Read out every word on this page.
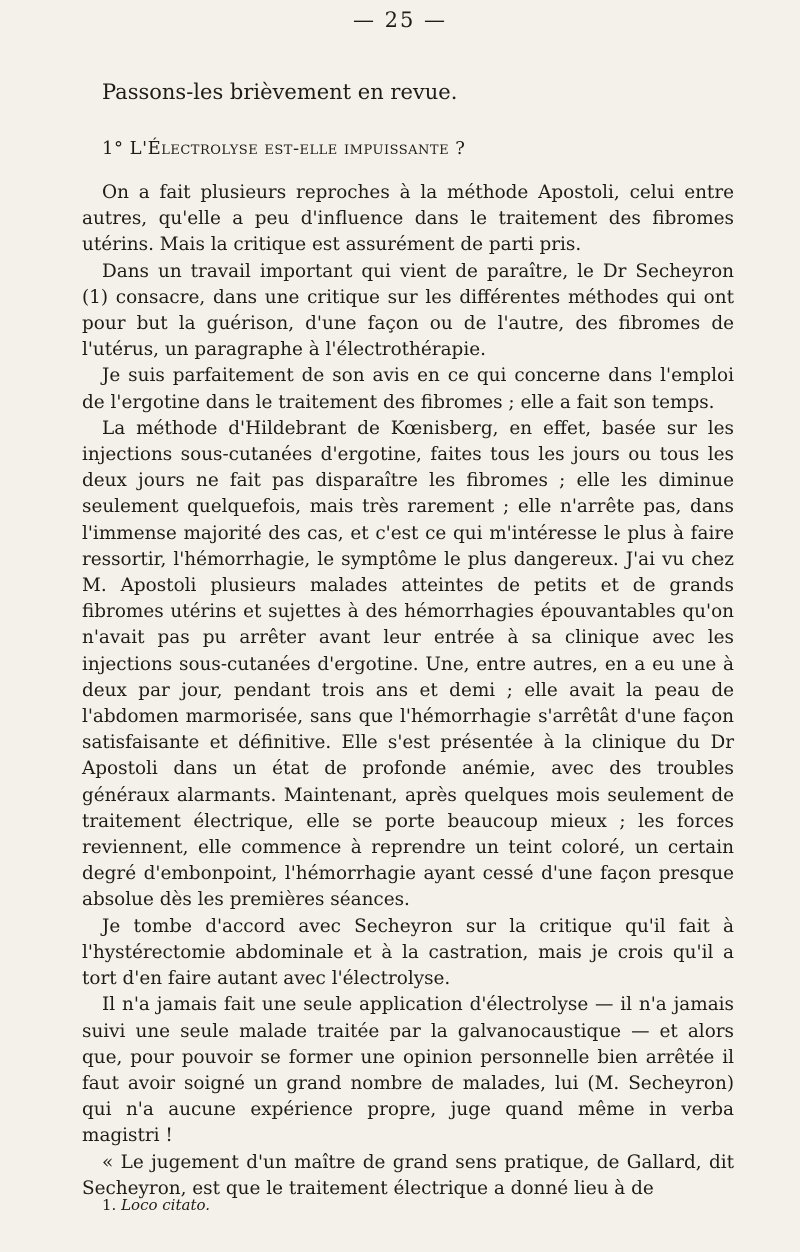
— 25 —
Passons-les brièvement en revue.
1° L'Électrolyse est-elle impuissante ?

On a fait plusieurs reproches à la méthode Apostoli, celui entre autres, qu'elle a peu d'influence dans le traitement des fibromes utérins. Mais la critique est assurément de parti pris.

Dans un travail important qui vient de paraître, le Dr Secheyron (1) consacre, dans une critique sur les différentes méthodes qui ont pour but la guérison, d'une façon ou de l'autre, des fibromes de l'utérus, un paragraphe à l'électrothérapie.

Je suis parfaitement de son avis en ce qui concerne dans l'emploi de l'ergotine dans le traitement des fibromes ; elle a fait son temps.

La méthode d'Hildebrant de Kœnisberg, en effet, basée sur les injections sous-cutanées d'ergotine, faites tous les jours ou tous les deux jours ne fait pas disparaître les fibromes ; elle les diminue seulement quelquefois, mais très rarement ; elle n'arrête pas, dans l'immense majorité des cas, et c'est ce qui m'intéresse le plus à faire ressortir, l'hémorrhagie, le symptôme le plus dangereux. J'ai vu chez M. Apostoli plusieurs malades atteintes de petits et de grands fibromes utérins et sujettes à des hémorrhagies épouvantables qu'on n'avait pas pu arrêter avant leur entrée à sa clinique avec les injections sous-cutanées d'ergotine. Une, entre autres, en a eu une à deux par jour, pendant trois ans et demi ; elle avait la peau de l'abdomen marmorisée, sans que l'hémorrhagie s'arrêtât d'une façon satisfaisante et définitive. Elle s'est présentée à la clinique du Dr Apostoli dans un état de profonde anémie, avec des troubles généraux alarmants. Maintenant, après quelques mois seulement de traitement électrique, elle se porte beaucoup mieux ; les forces reviennent, elle commence à reprendre un teint coloré, un certain degré d'embonpoint, l'hémorrhagie ayant cessé d'une façon presque absolue dès les premières séances.

Je tombe d'accord avec Secheyron sur la critique qu'il fait à l'hystérectomie abdominale et à la castration, mais je crois qu'il a tort d'en faire autant avec l'électrolyse.

Il n'a jamais fait une seule application d'électrolyse — il n'a jamais suivi une seule malade traitée par la galvanocaustique — et alors que, pour pouvoir se former une opinion personnelle bien arrêtée il faut avoir soigné un grand nombre de malades, lui (M. Secheyron) qui n'a aucune expérience propre, juge quand même in verba magistri !

« Le jugement d'un maître de grand sens pratique, de Gallard, dit Secheyron, est que le traitement électrique a donné lieu à de

1. Loco citato.
